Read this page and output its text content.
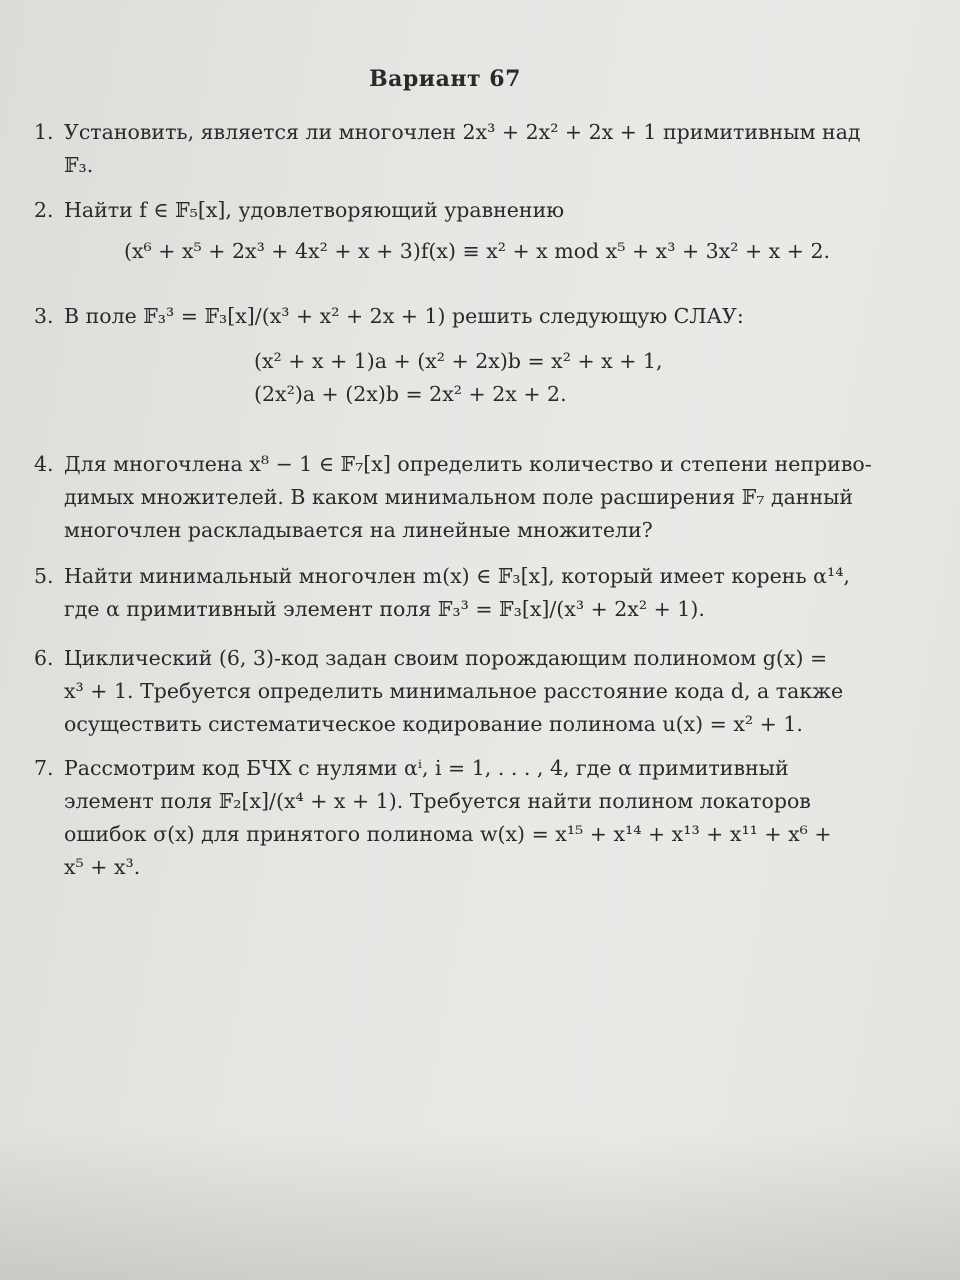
Вариант 67
1. Установить, является ли многочлен 2x³ + 2x² + 2x + 1 примитивным над
𝔽₃.
2. Найти f ∈ 𝔽₅[x], удовлетворяющий уравнению
(x⁶ + x⁵ + 2x³ + 4x² + x + 3)f(x) ≡ x² + x mod x⁵ + x³ + 3x² + x + 2.
3. В поле 𝔽₃³ = 𝔽₃[x]/(x³ + x² + 2x + 1) решить следующую СЛАУ:
(x² + x + 1)a + (x² + 2x)b = x² + x + 1,
(2x²)a + (2x)b = 2x² + 2x + 2.
4. Для многочлена x⁸ − 1 ∈ 𝔽₇[x] определить количество и степени неприво-
димых множителей. В каком минимальном поле расширения 𝔽₇ данный
многочлен раскладывается на линейные множители?
5. Найти минимальный многочлен m(x) ∈ 𝔽₃[x], который имеет корень α¹⁴,
где α примитивный элемент поля 𝔽₃³ = 𝔽₃[x]/(x³ + 2x² + 1).
6. Циклический (6, 3)-код задан своим порождающим полиномом g(x) =
x³ + 1. Требуется определить минимальное расстояние кода d, а также
осуществить систематическое кодирование полинома u(x) = x² + 1.
7. Рассмотрим код БЧХ с нулями αⁱ, i = 1, . . . , 4, где α примитивный
элемент поля 𝔽₂[x]/(x⁴ + x + 1). Требуется найти полином локаторов
ошибок σ(x) для принятого полинома w(x) = x¹⁵ + x¹⁴ + x¹³ + x¹¹ + x⁶ +
x⁵ + x³.
